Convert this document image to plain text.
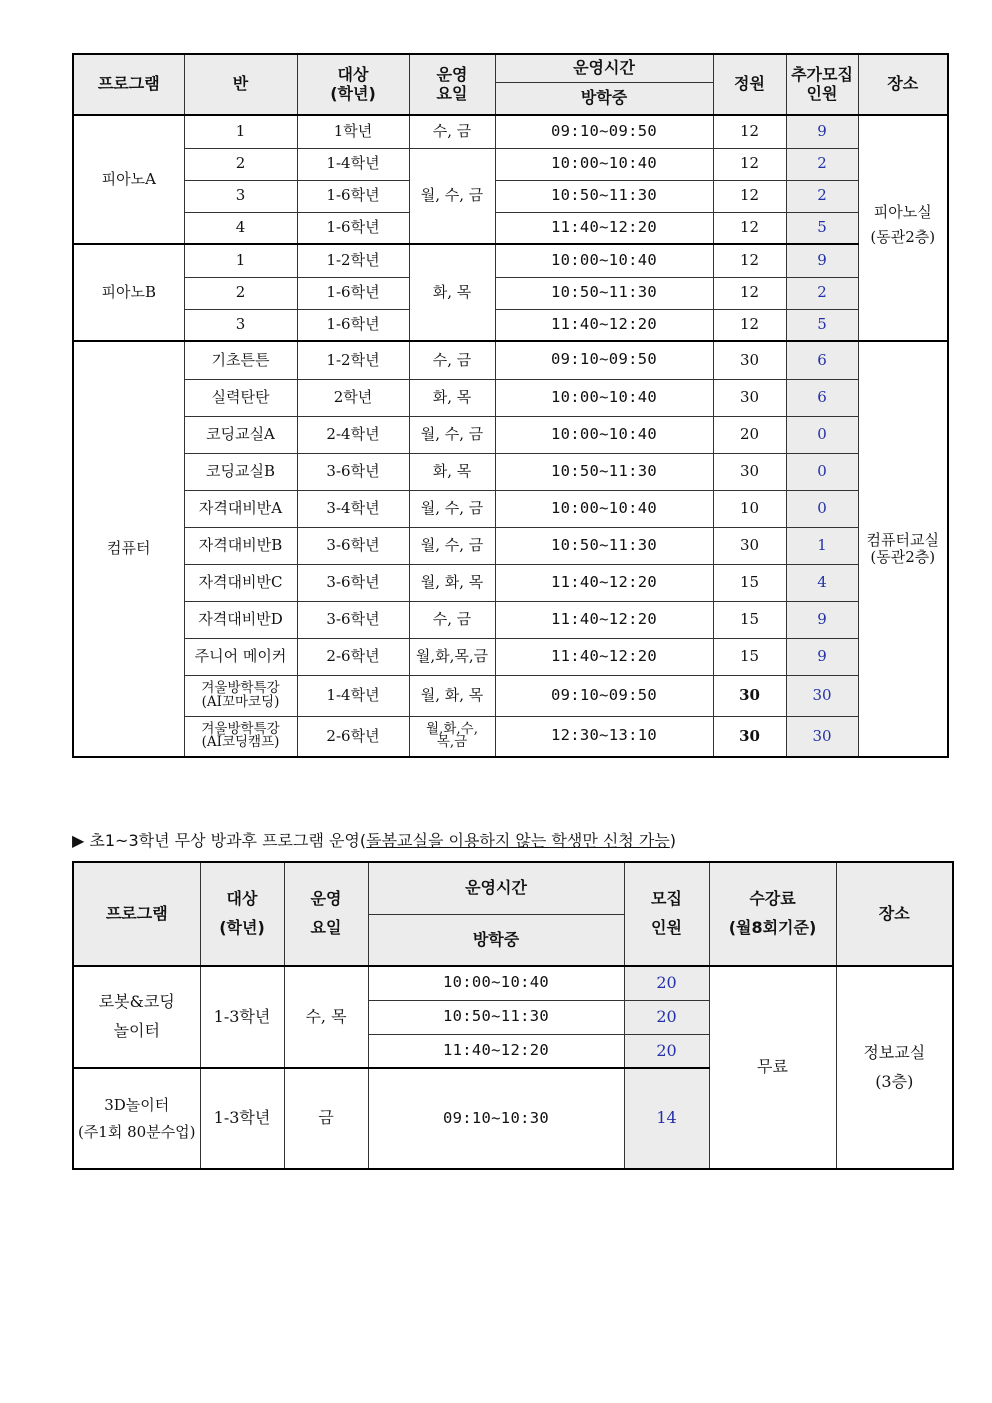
프로그램	반	대상
(학년)	운영
요일	운영시간	정원	추가모집
인원	장소
				방학중			
피아노A	1	1학년	수, 금	09:10~09:50	12	9	피아노실
(동관2층)
	2	1-4학년	월, 수, 금	10:00~10:40	12	2	
	3	1-6학년		10:50~11:30	12	2	
	4	1-6학년		11:40~12:20	12	5	
피아노B	1	1-2학년	화, 목	10:00~10:40	12	9	
	2	1-6학년		10:50~11:30	12	2	
	3	1-6학년		11:40~12:20	12	5	
컴퓨터	기초튼튼	1-2학년	수, 금	09:10~09:50	30	6	컴퓨터교실
(동관2층)
	실력탄탄	2학년	화, 목	10:00~10:40	30	6	
	코딩교실A	2-4학년	월, 수, 금	10:00~10:40	20	0	
	코딩교실B	3-6학년	화, 목	10:50~11:30	30	0	
	자격대비반A	3-4학년	월, 수, 금	10:00~10:40	10	0	
	자격대비반B	3-6학년	월, 수, 금	10:50~11:30	30	1	
	자격대비반C	3-6학년	월, 화, 목	11:40~12:20	15	4	
	자격대비반D	3-6학년	수, 금	11:40~12:20	15	9	
	주니어 메이커	2-6학년	월,화,목,금	11:40~12:20	15	9	
	겨울방학특강
(AI꼬마코딩)	1-4학년	월, 화, 목	09:10~09:50	30	30	
	겨울방학특강
(AI코딩캠프)	2-6학년	월,화,수,
목,금	12:30~13:10	30	30	
▶ 초1~3학년 무상 방과후 프로그램 운영(돌봄교실을 이용하지 않는 학생만 신청 가능)
프로그램	대상
(학년)	운영
요일	운영시간	모집
인원	수강료
(월8회기준)	장소
			방학중			
로봇&코딩
놀이터	1-3학년	수, 목	10:00~10:40	20	무료	정보교실
(3층)
			10:50~11:30	20		
			11:40~12:20	20		
3D놀이터
(주1회 80분수업)	1-3학년	금	09:10~10:30	14		
